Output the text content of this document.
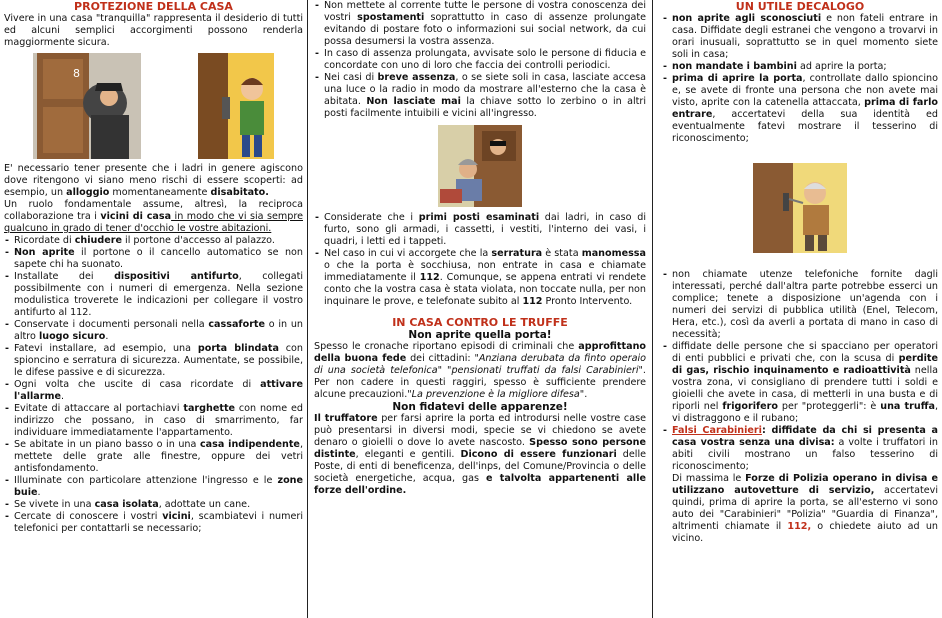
PROTEZIONE DELLA CASA

Vivere in una casa "tranquilla" rappresenta il desiderio di tutti ed alcuni semplici accorgimenti possono renderla maggiormente sicura.

8

E' necessario tener presente che i ladri in genere agiscono dove ritengono vi siano meno rischi di essere scoperti: ad esempio, un alloggio momentaneamente disabitato.

Un ruolo fondamentale assume, altresì, la reciproca collaborazione tra i vicini di casa in modo che vi sia sempre qualcuno in grado di tener d'occhio le vostre abitazioni.

- Ricordate di chiudere il portone d'accesso al palazzo.
- Non aprite il portone o il cancello automatico se non sapete chi ha suonato.
- Installate dei dispositivi antifurto, collegati possibilmente con i numeri di emergenza. Nella sezione modulistica troverete le indicazioni per collegare il vostro antifurto al 112.
- Conservate i documenti personali nella cassaforte o in un altro luogo sicuro.
- Fatevi installare, ad esempio, una porta blindata con spioncino e serratura di sicurezza. Aumentate, se possibile, le difese passive e di sicurezza.
- Ogni volta che uscite di casa ricordate di attivare l'allarme.
- Evitate di attaccare al portachiavi targhette con nome ed indirizzo che possano, in caso di smarrimento, far individuare immediatamente l'appartamento.
- Se abitate in un piano basso o in una casa indipendente, mettete delle grate alle finestre, oppure dei vetri antisfondamento.
- Illuminate con particolare attenzione l'ingresso e le zone buie.
- Se vivete in una casa isolata, adottate un cane.
- Cercate di conoscere i vostri vicini, scambiatevi i numeri telefonici per contattarli se necessario;
- Non mettete al corrente tutte le persone di vostra conoscenza dei vostri spostamenti soprattutto in caso di assenze prolungate evitando di postare foto o informazioni sui social network, da cui possa desumersi la vostra assenza.
- In caso di assenza prolungata, avvisate solo le persone di fiducia e concordate con uno di loro che faccia dei controlli periodici.
- Nei casi di breve assenza, o se siete soli in casa, lasciate accesa una luce o la radio in modo da mostrare all'esterno che la casa è abitata. Non lasciate mai la chiave sotto lo zerbino o in altri posti facilmente intuibili e vicini all'ingresso.
- Considerate che i primi posti esaminati dai ladri, in caso di furto, sono gli armadi, i cassetti, i vestiti, l'interno dei vasi, i quadri, i letti ed i tappeti.
- Nel caso in cui vi accorgete che la serratura è stata manomessa o che la porta è socchiusa, non entrate in casa e chiamate immediatamente il 112. Comunque, se appena entrati vi rendete conto che la vostra casa è stata violata, non toccate nulla, per non inquinare le prove, e telefonate subito al 112 Pronto Intervento.
IN CASA CONTRO LE TRUFFE
Non aprite quella porta!

Spesso le cronache riportano episodi di criminali che approfittano della buona fede dei cittadini: "Anziana derubata da finto operaio di una società telefonica" "pensionati truffati da falsi Carabinieri". Per non cadere in questi raggiri, spesso è sufficiente prendere alcune precauzioni."La prevenzione è la migliore difesa".

Non fidatevi delle apparenze!

Il truffatore per farsi aprire la porta ed introdursi nelle vostre case può presentarsi in diversi modi, specie se vi chiedono se avete denaro o gioielli o dove lo avete nascosto. Spesso sono persone distinte, eleganti e gentili. Dicono di essere funzionari delle Poste, di enti di beneficenza, dell'inps, del Comune/Provincia o delle società energetiche, acqua, gas e talvolta appartenenti alle forze dell'ordine.

UN UTILE DECALOGO
- non aprite agli sconosciuti e non fateli entrare in casa. Diffidate degli estranei che vengono a trovarvi in orari inusuali, soprattutto se in quel momento siete soli in casa;
- non mandate i bambini ad aprire la porta;
- prima di aprire la porta, controllate dallo spioncino e, se avete di fronte una persona che non avete mai visto, aprite con la catenella attaccata, prima di farlo entrare, accertatevi della sua identità ed eventualmente fatevi mostrare il tesserino di riconoscimento;
- non chiamate utenze telefoniche fornite dagli interessati, perché dall'altra parte potrebbe esserci un complice; tenete a disposizione un'agenda con i numeri dei servizi di pubblica utilità (Enel, Telecom, Hera, etc.), così da averli a portata di mano in caso di necessità;
- diffidate delle persone che si spacciano per operatori di enti pubblici e privati che, con la scusa di perdite di gas, rischio inquinamento e radioattività nella vostra zona, vi consigliano di prendere tutti i soldi e gioielli che avete in casa, di metterli in una busta e di riporli nel frigorifero per "proteggerli": è una truffa, vi distraggono e il rubano;
- Falsi Carabinieri: diffidate da chi si presenta a casa vostra senza una divisa: a volte i truffatori in abiti civili mostrano un falso tesserino di riconoscimento;

Di massima le Forze di Polizia operano in divisa e utilizzano autovetture di servizio, accertatevi quindi, prima di aprire la porta, se all'esterno vi sono auto dei "Carabinieri" "Polizia" "Guardia di Finanza", altrimenti chiamate il 112, o chiedete aiuto ad un vicino.
